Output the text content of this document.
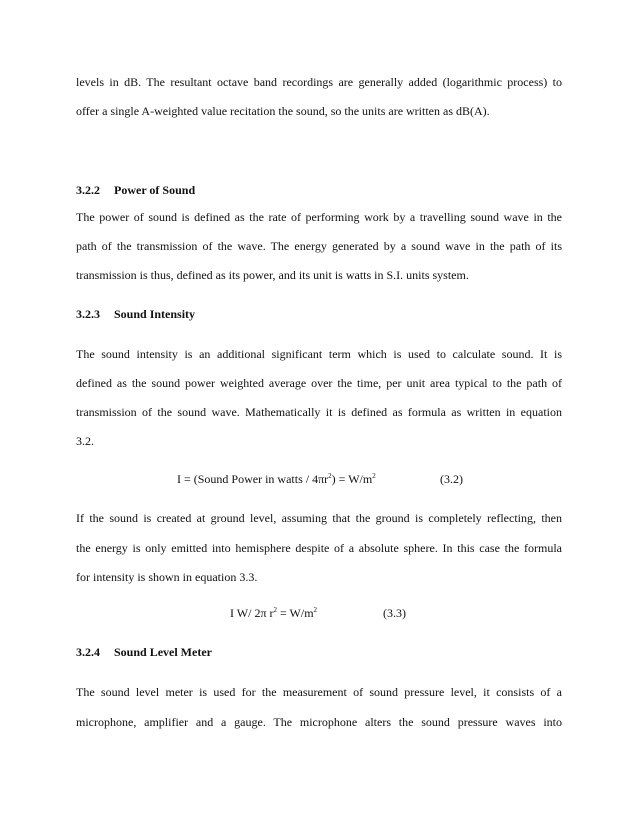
levels in dB. The resultant octave band recordings are generally added (logarithmic process) to
offer a single A-weighted value recitation the sound, so the units are written as dB(A).
3.2.2 Power of Sound
The power of sound is defined as the rate of performing work by a travelling sound wave in the
path of the transmission of the wave. The energy generated by a sound wave in the path of its
transmission is thus, defined as its power, and its unit is watts in S.I. units system.
3.2.3 Sound Intensity
The sound intensity is an additional significant term which is used to calculate sound. It is
defined as the sound power weighted average over the time, per unit area typical to the path of
transmission of the sound wave. Mathematically it is defined as formula as written in equation
3.2.
I = (Sound Power in watts / $4\pi r^2) = W/m^2$	(3.2)
If the sound is created at ground level, assuming that the ground is completely reflecting, then
the energy is only emitted into hemisphere despite of a absolute sphere. In this case the formula
for intensity is shown in equation 3.3.
I W/ 2π $r^2 = W/m^2$	(3.3)
3.2.4 Sound Level Meter
The sound level meter is used for the measurement of sound pressure level, it consists of a
microphone, amplifier and a gauge. The microphone alters the sound pressure waves into
